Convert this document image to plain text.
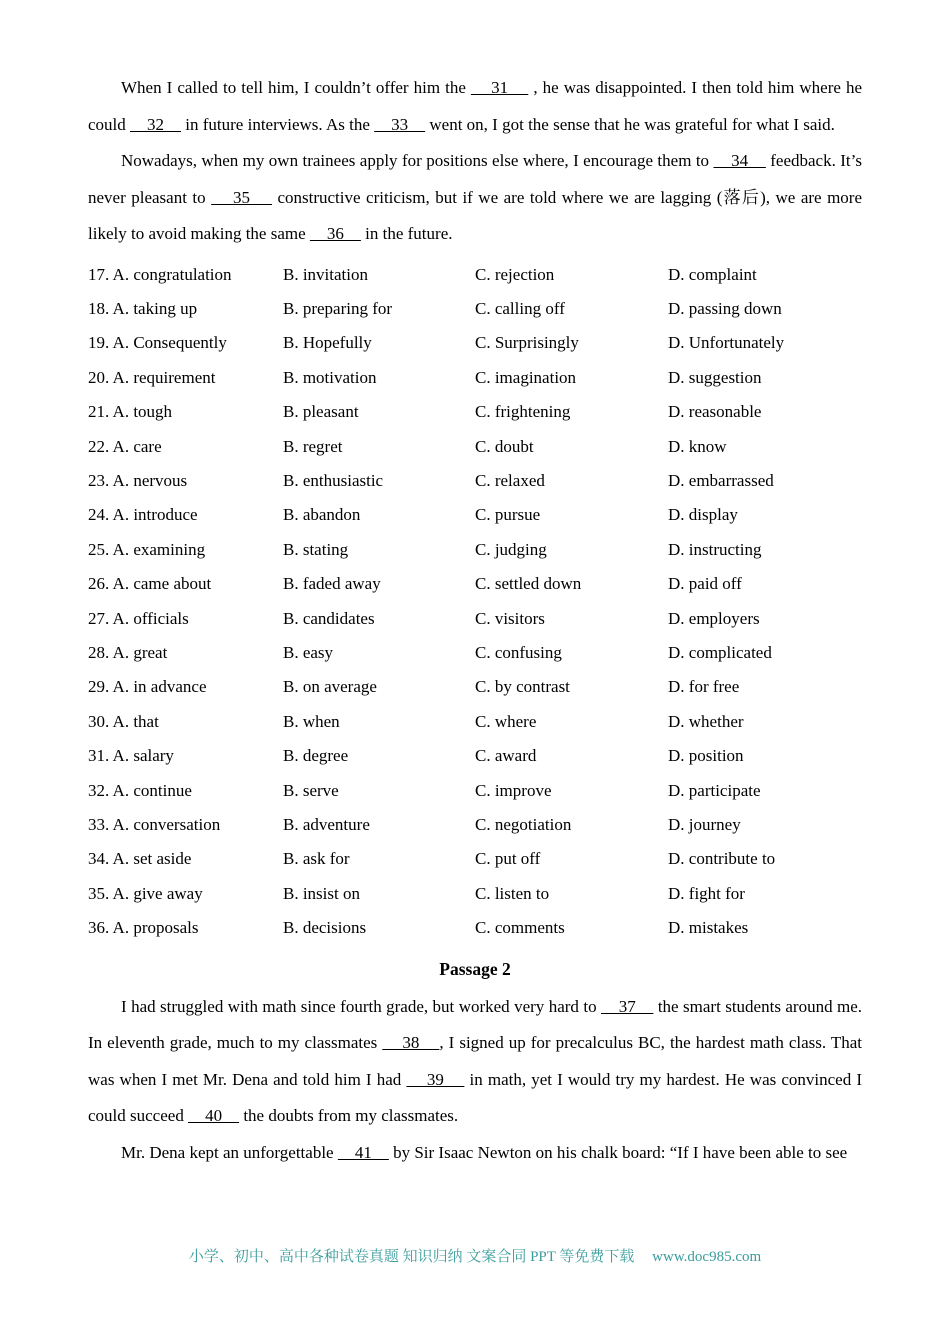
When I called to tell him, I couldn’t offer him the     31     , he was disappointed. I then told him where he could     32     in future interviews. As the     33     went on, I got the sense that he was grateful for what I said.

Nowadays, when my own trainees apply for positions else where, I encourage them to     34     feedback. It’s never pleasant to     35     constructive criticism, but if we are told where we are lagging (落后), we are more likely to avoid making the same     36     in the future.

17. A. congratulation	B. invitation	C. rejection	D. complaint
18. A. taking up	B. preparing for	C. calling off	D. passing down
19. A. Consequently	B. Hopefully	C. Surprisingly	D. Unfortunately
20. A. requirement	B. motivation	C. imagination	D. suggestion
21. A. tough	B. pleasant	C. frightening	D. reasonable
22. A. care	B. regret	C. doubt	D. know
23. A. nervous	B. enthusiastic	C. relaxed	D. embarrassed
24. A. introduce	B. abandon	C. pursue	D. display
25. A. examining	B. stating	C. judging	D. instructing
26. A. came about	B. faded away	C. settled down	D. paid off
27. A. officials	B. candidates	C. visitors	D. employers
28. A. great	B. easy	C. confusing	D. complicated
29. A. in advance	B. on average	C. by contrast	D. for free
30. A. that	B. when	C. where	D. whether
31. A. salary	B. degree	C. award	D. position
32. A. continue	B. serve	C. improve	D. participate
33. A. conversation	B. adventure	C. negotiation	D. journey
34. A. set aside	B. ask for	C. put off	D. contribute to
35. A. give away	B. insist on	C. listen to	D. fight for
36. A. proposals	B. decisions	C. comments	D. mistakes
Passage 2

I had struggled with math since fourth grade, but worked very hard to     37     the smart students around me. In eleventh grade, much to my classmates     38    , I signed up for precalculus BC, the hardest math class. That was when I met Mr. Dena and told him I had     39     in math, yet I would try my hardest. He was convinced I could succeed     40     the doubts from my classmates.

Mr. Dena kept an unforgettable     41     by Sir Isaac Newton on his chalk board: “If I have been able to see

小学、初中、高中各种试卷真题 知识归纳 文案合同 PPT 等免费下载 www.doc985.com
